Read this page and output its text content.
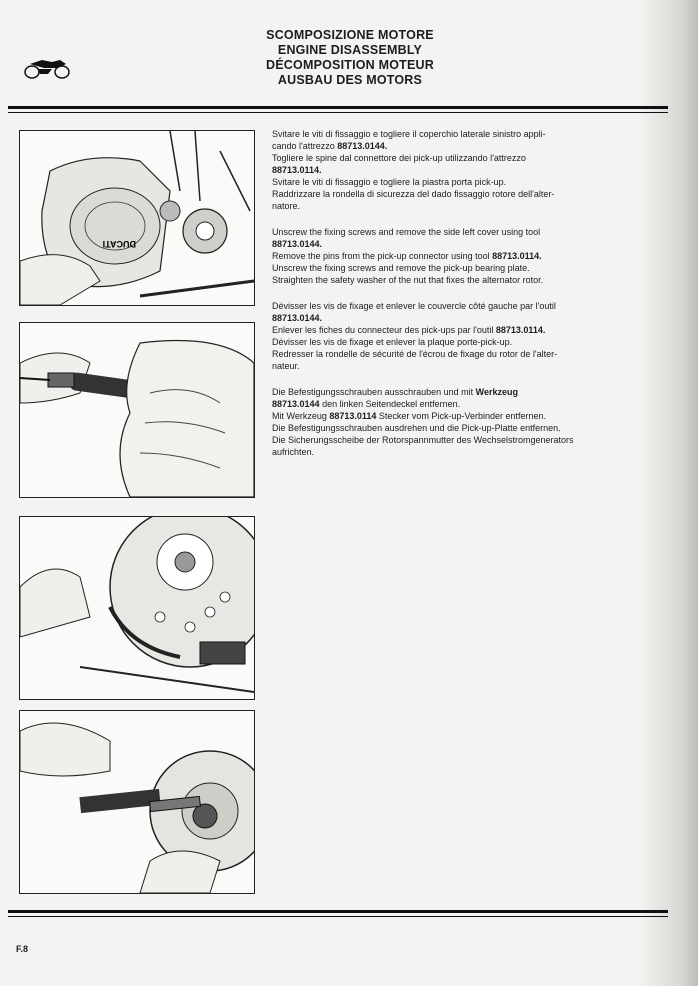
SCOMPOSIZIONE MOTORE
ENGINE DISASSEMBLY
DÉCOMPOSITION MOTEUR
AUSBAU DES MOTORS
DUCATI

Svitare le viti di fissaggio e togliere il coperchio laterale sinistro appli-

cando l'attrezzo 88713.0144.

Togliere le spine dal connettore dei pick-up utilizzando l'attrezzo

88713.0114.

Svitare le viti di fissaggio e togliere la piastra porta pick-up.

Raddrizzare la rondella di sicurezza del dado fissaggio rotore dell'alter-

natore.

Unscrew the fixing screws and remove the side left cover using tool

88713.0144.

Remove the pins from the pick-up connector using tool 88713.0114.

Unscrew the fixing screws and remove the pick-up bearing plate.

Straighten the safety washer of the nut that fixes the alternator rotor.

Dévisser les vis de fixage et enlever le couvercle côté gauche par l'outil

88713.0144.

Enlever les fiches du connecteur des pick-ups par l'outil 88713.0114.

Dévisser les vis de fixage et enlever la plaque porte-pick-up.

Redresser la rondelle de sécurité de l'écrou de fixage du rotor de l'alter-

nateur.

Die Befestigungsschrauben ausschrauben und mit Werkzeug

88713.0144 den linken Seitendeckel entfernen.

Mit Werkzeug 88713.0114 Stecker vom Pick-up-Verbinder entfernen.

Die Befestigungsschrauben ausdrehen und die Pick-up-Platte entfernen.

Die Sicherungsscheibe der Rotorspannmutter des Wechselstromgenerators

aufrichten.

F.8
